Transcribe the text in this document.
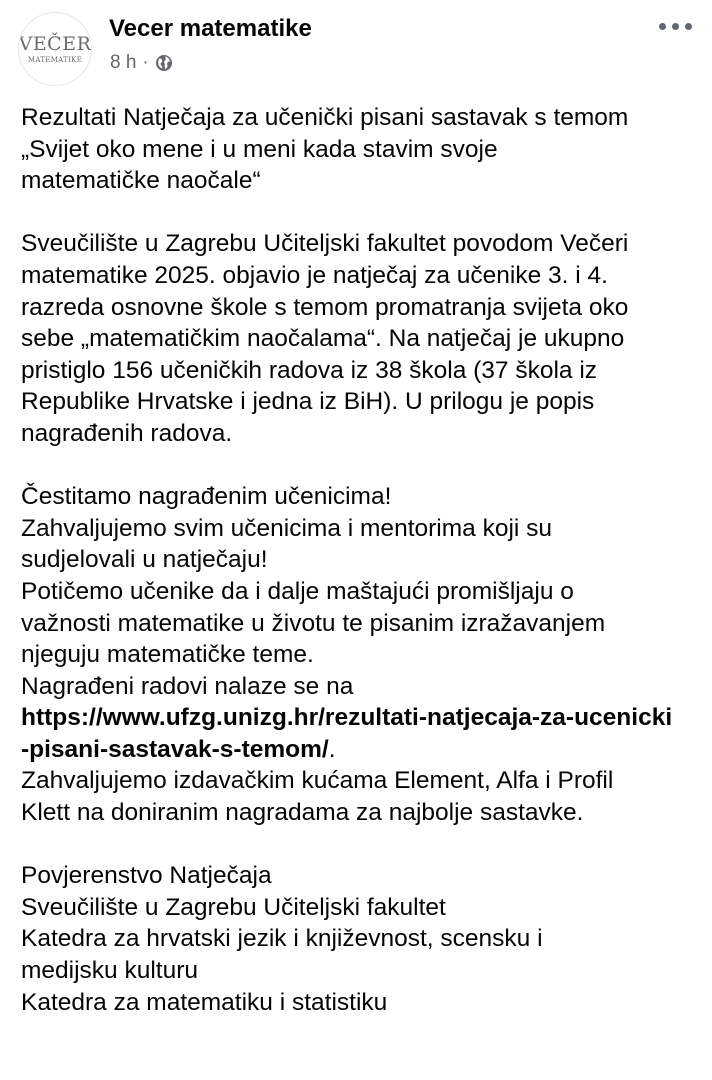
VEČER
MATEMATIKE
Vecer matematike
8 h ·
Rezultati Natječaja za učenički pisani sastavak s temom
„Svijet oko mene i u meni kada stavim svoje
matematičke naočale“
Sveučilište u Zagrebu Učiteljski fakultet povodom Večeri
matematike 2025. objavio je natječaj za učenike 3. i 4.
razreda osnovne škole s temom promatranja svijeta oko
sebe „matematičkim naočalama“. Na natječaj je ukupno
pristiglo 156 učeničkih radova iz 38 škola (37 škola iz
Republike Hrvatske i jedna iz BiH). U prilogu je popis
nagrađenih radova.
Čestitamo nagrađenim učenicima!
Zahvaljujemo svim učenicima i mentorima koji su
sudjelovali u natječaju!
Potičemo učenike da i dalje maštajući promišljaju o
važnosti matematike u životu te pisanim izražavanjem
njeguju matematičke teme.
Nagrađeni radovi nalaze se na
https://www.ufzg.unizg.hr/rezultati-natjecaja-za-ucenicki
-pisani-sastavak-s-temom/.
Zahvaljujemo izdavačkim kućama Element, Alfa i Profil
Klett na doniranim nagradama za najbolje sastavke.
Povjerenstvo Natječaja
Sveučilište u Zagrebu Učiteljski fakultet
Katedra za hrvatski jezik i književnost, scensku i
medijsku kulturu
Katedra za matematiku i statistiku
